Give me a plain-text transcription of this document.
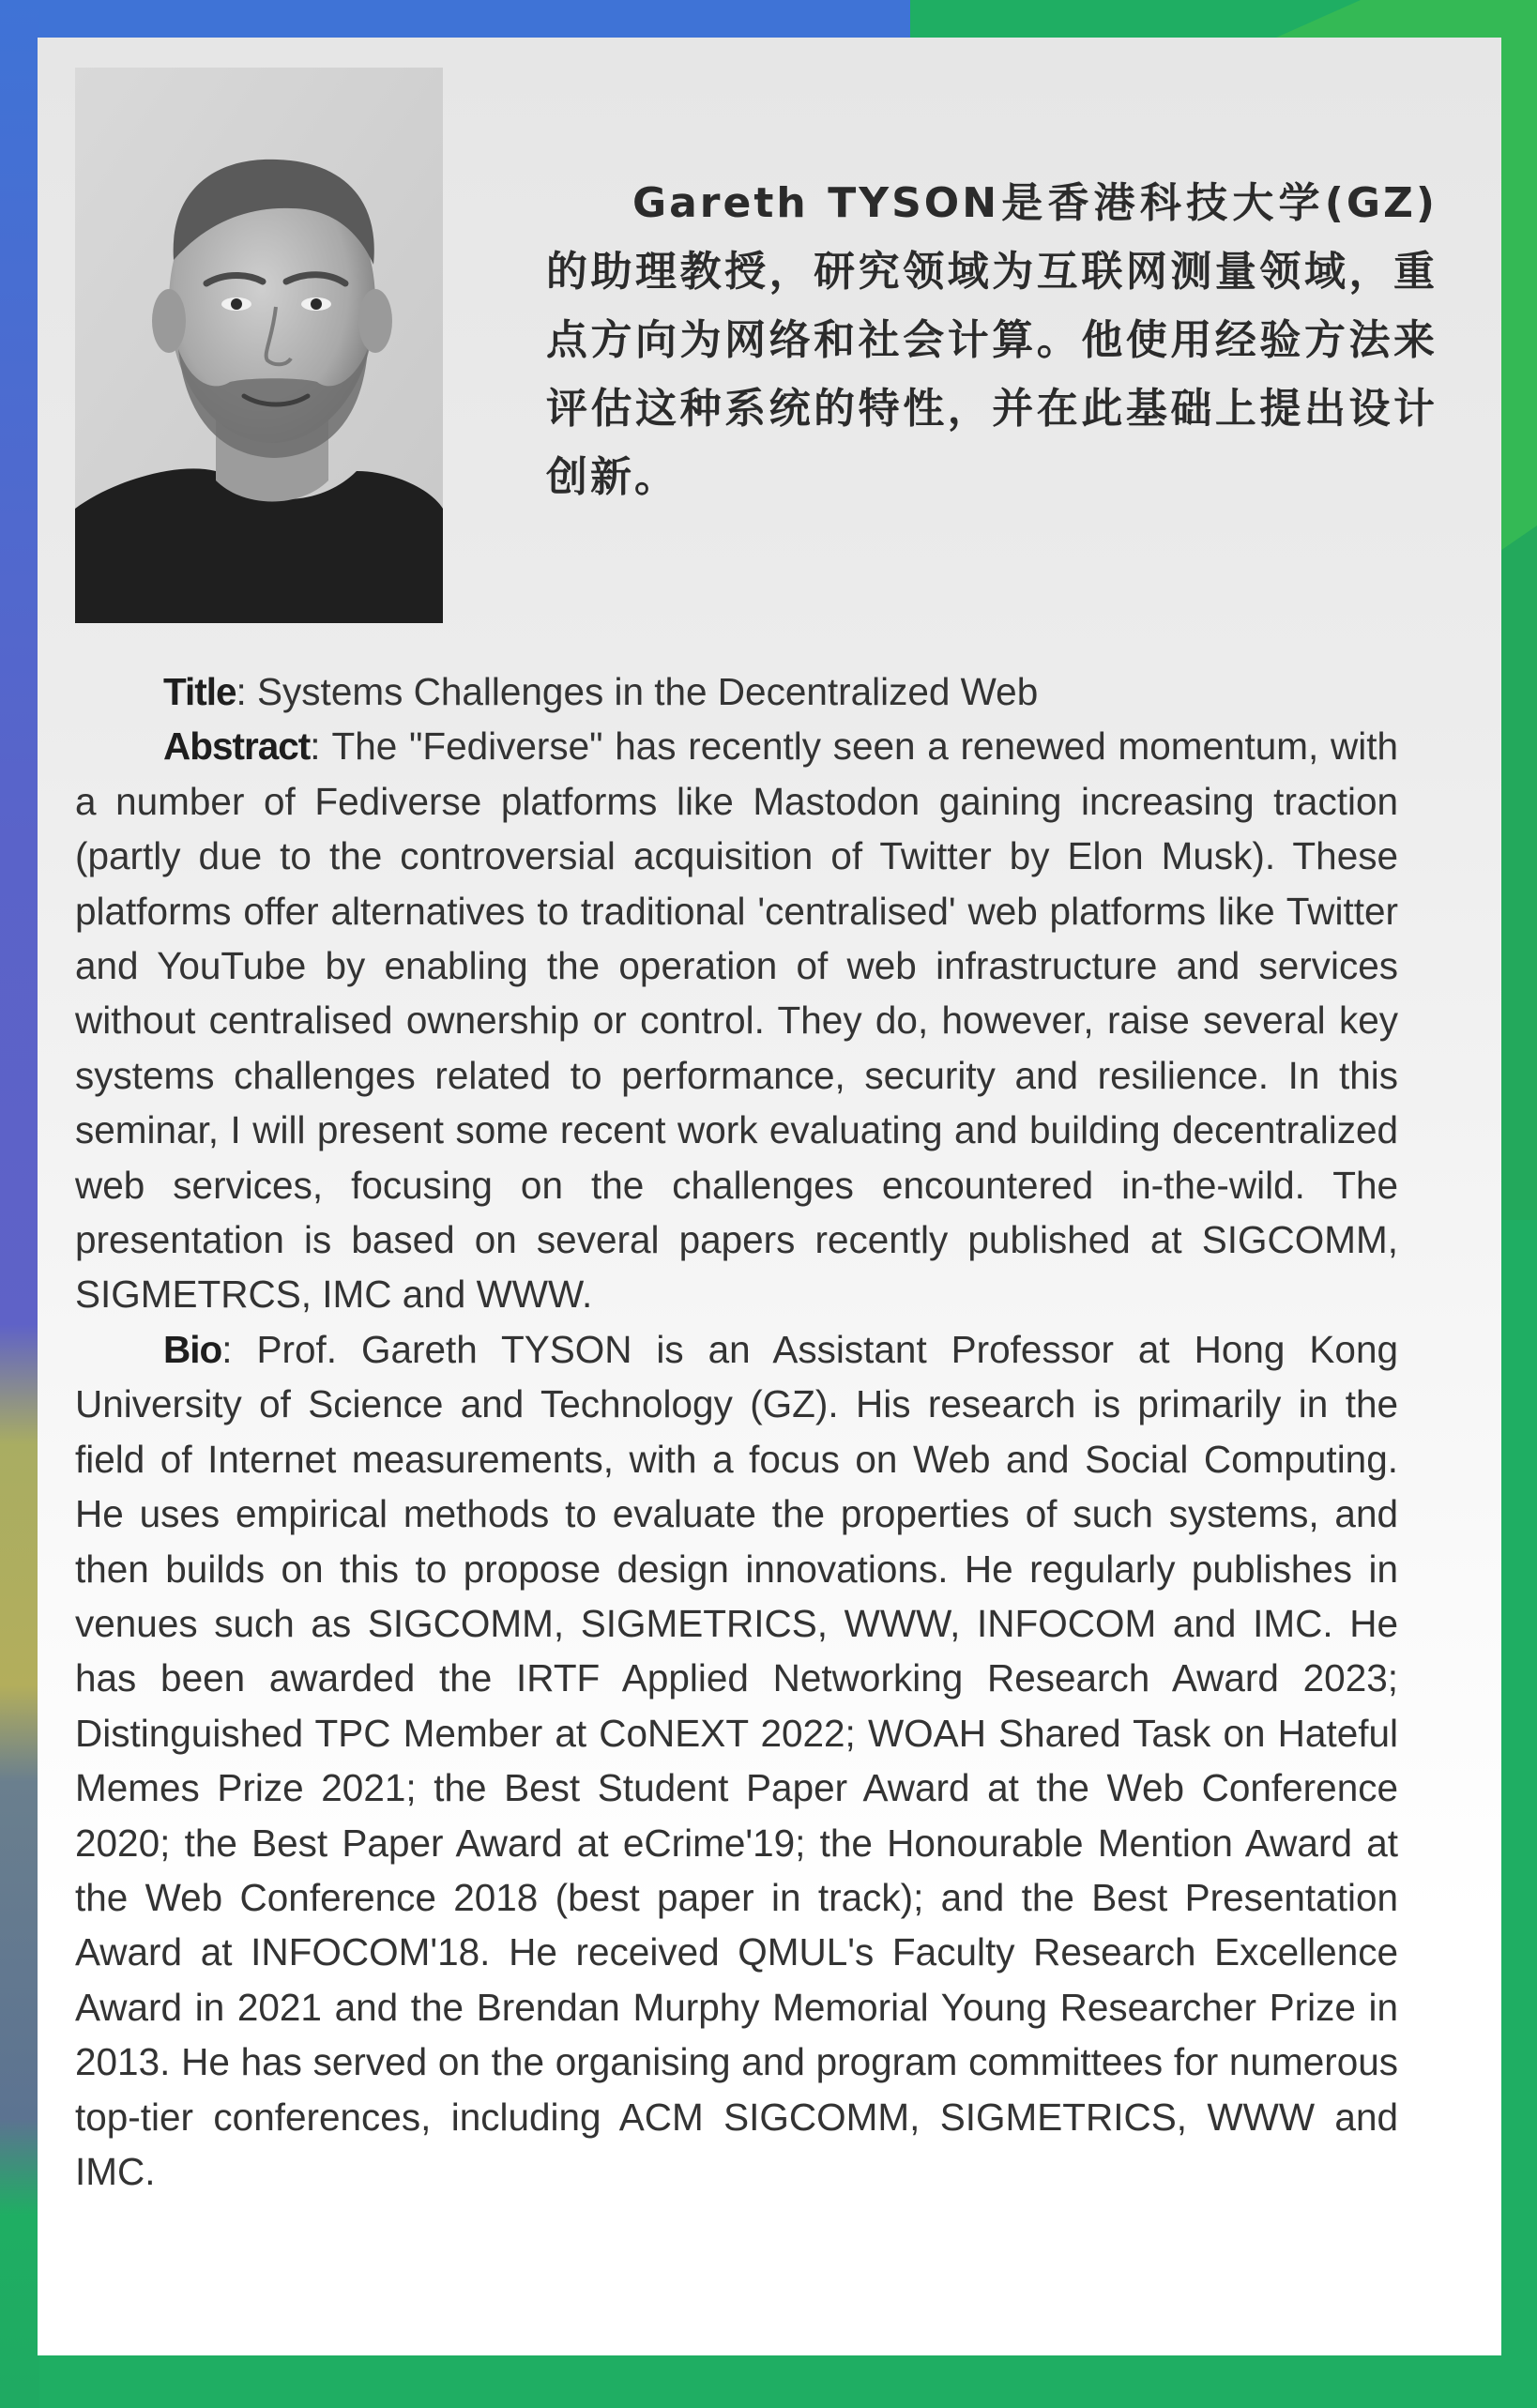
Gareth TYSON是香港科技大学(GZ)的助理教授，研究领域为互联网测量领域，重点方向为网络和社会计算。他使用经验方法来评估这种系统的特性，并在此基础上提出设计创新。

Title: Systems Challenges in the Decentralized Web

Abstract: The "Fediverse" has recently seen a renewed momentum, with a number of Fediverse platforms like Mastodon gaining increasing traction (partly due to the controversial acquisition of Twitter by Elon Musk). These platforms offer alternatives to traditional 'centralised' web platforms like Twitter and YouTube by enabling the operation of web infrastructure and services without centralised ownership or control. They do, however, raise several key systems challenges related to performance, security and resilience. In this seminar, I will present some recent work evaluating and building decentralized web services, focusing on the challenges encountered in-the-wild. The presentation is based on several papers recently published at SIGCOMM, SIGMETRCS, IMC and WWW.

Bio: Prof. Gareth TYSON is an Assistant Professor at Hong Kong University of Science and Technology (GZ). His research is primarily in the field of Internet measurements, with a focus on Web and Social Computing. He uses empirical methods to evaluate the properties of such systems, and then builds on this to propose design innovations. He regularly publishes in venues such as SIGCOMM, SIGMETRICS, WWW, INFOCOM and IMC. He has been awarded the IRTF Applied Networking Research Award 2023; Distinguished TPC Member at CoNEXT 2022; WOAH Shared Task on Hateful Memes Prize 2021; the Best Student Paper Award at the Web Conference 2020; the Best Paper Award at eCrime'19; the Honourable Mention Award at the Web Conference 2018 (best paper in track); and the Best Presentation Award at INFOCOM'18. He received QMUL's Faculty Research Excellence Award in 2021 and the Brendan Murphy Memorial Young Researcher Prize in 2013. He has served on the organising and program committees for numerous top-tier conferences, including ACM SIGCOMM, SIGMETRICS, WWW and IMC.
